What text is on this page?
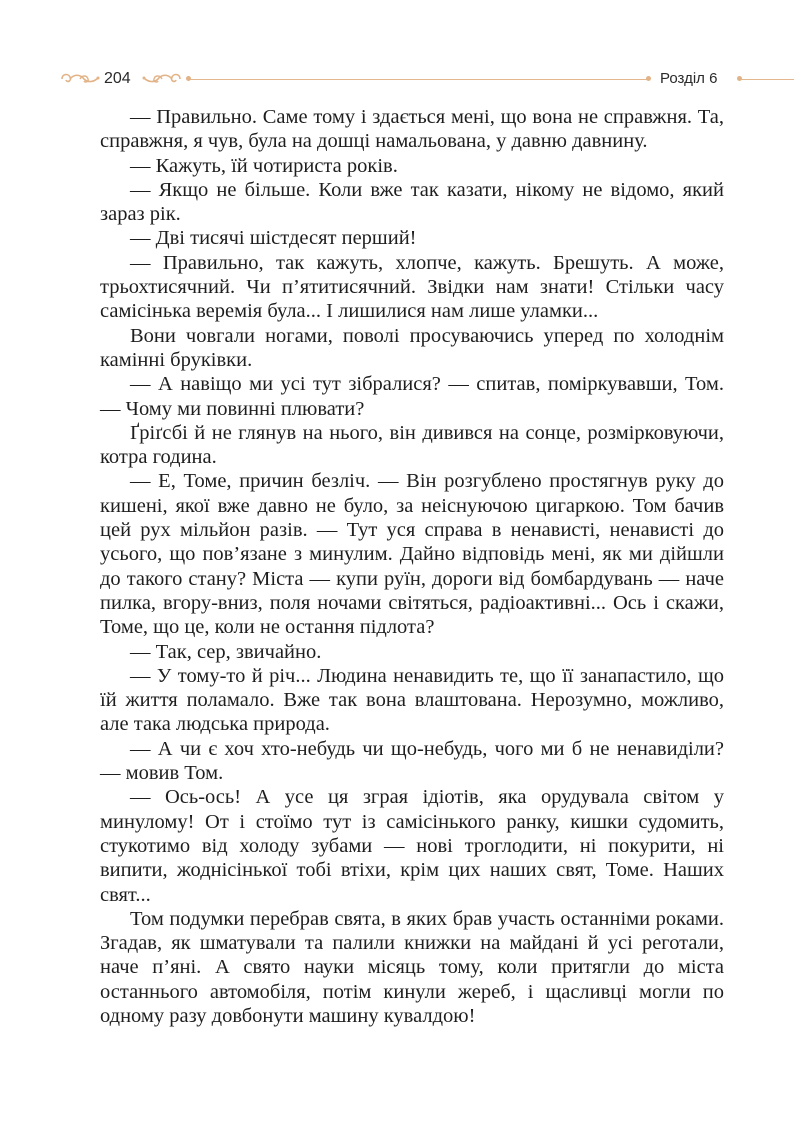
204	Розділ 6

— Правильно. Саме тому і здається мені, що вона не справжня. Та, справжня, я чув, була на дошці намальована, у давню давнину.

— Кажуть, їй чотириста років.

— Якщо не більше. Коли вже так казати, нікому не відомо, який зараз рік.

— Дві тисячі шістдесят перший!

— Правильно, так кажуть, хлопче, кажуть. Брешуть. А може, трьохтисячний. Чи п’ятитисячний. Звідки нам знати! Стільки часу самісінька веремія була... І лишилися нам лише уламки...

Вони човгали ногами, поволі просуваючись уперед по холоднім камінні бруківки.

— А навіщо ми усі тут зібралися? — спитав, поміркувавши, Том. — Чому ми повинні плювати?

Ґріґсбі й не глянув на нього, він дивився на сонце, розмірковуючи, котра година.

— Е, Томе, причин безліч. — Він розгублено простягнув руку до кишені, якої вже давно не було, за неіснуючою цигаркою. Том бачив цей рух мільйон разів. — Тут уся справа в ненависті, ненависті до усього, що пов’язане з минулим. Дайно відповідь мені, як ми дійшли до такого стану? Міста — купи руїн, дороги від бомбардувань — наче пилка, вгору-вниз, поля ночами світяться, радіоактивні... Ось і скажи, Томе, що це, коли не остання підлота?

— Так, сер, звичайно.

— У тому-то й річ... Людина ненавидить те, що її занапастило, що їй життя поламало. Вже так вона влаштована. Нерозумно, можливо, але така людська природа.

— А чи є хоч хто-небудь чи що-небудь, чого ми б не ненавиділи? — мовив Том.

— Ось-ось! А усе ця зграя ідіотів, яка орудувала світом у минулому! От і стоїмо тут із самісінького ранку, кишки судомить, стукотимо від холоду зубами — нові троглодити, ні покурити, ні випити, жоднісінької тобі втіхи, крім цих наших свят, Томе. Наших свят...

Том подумки перебрав свята, в яких брав участь останніми роками. Згадав, як шматували та палили книжки на майдані й усі реготали, наче п’яні. А свято науки місяць тому, коли притягли до міста останнього автомобіля, потім кинули жереб, і щасливці могли по одному разу довбонути машину кувалдою!
